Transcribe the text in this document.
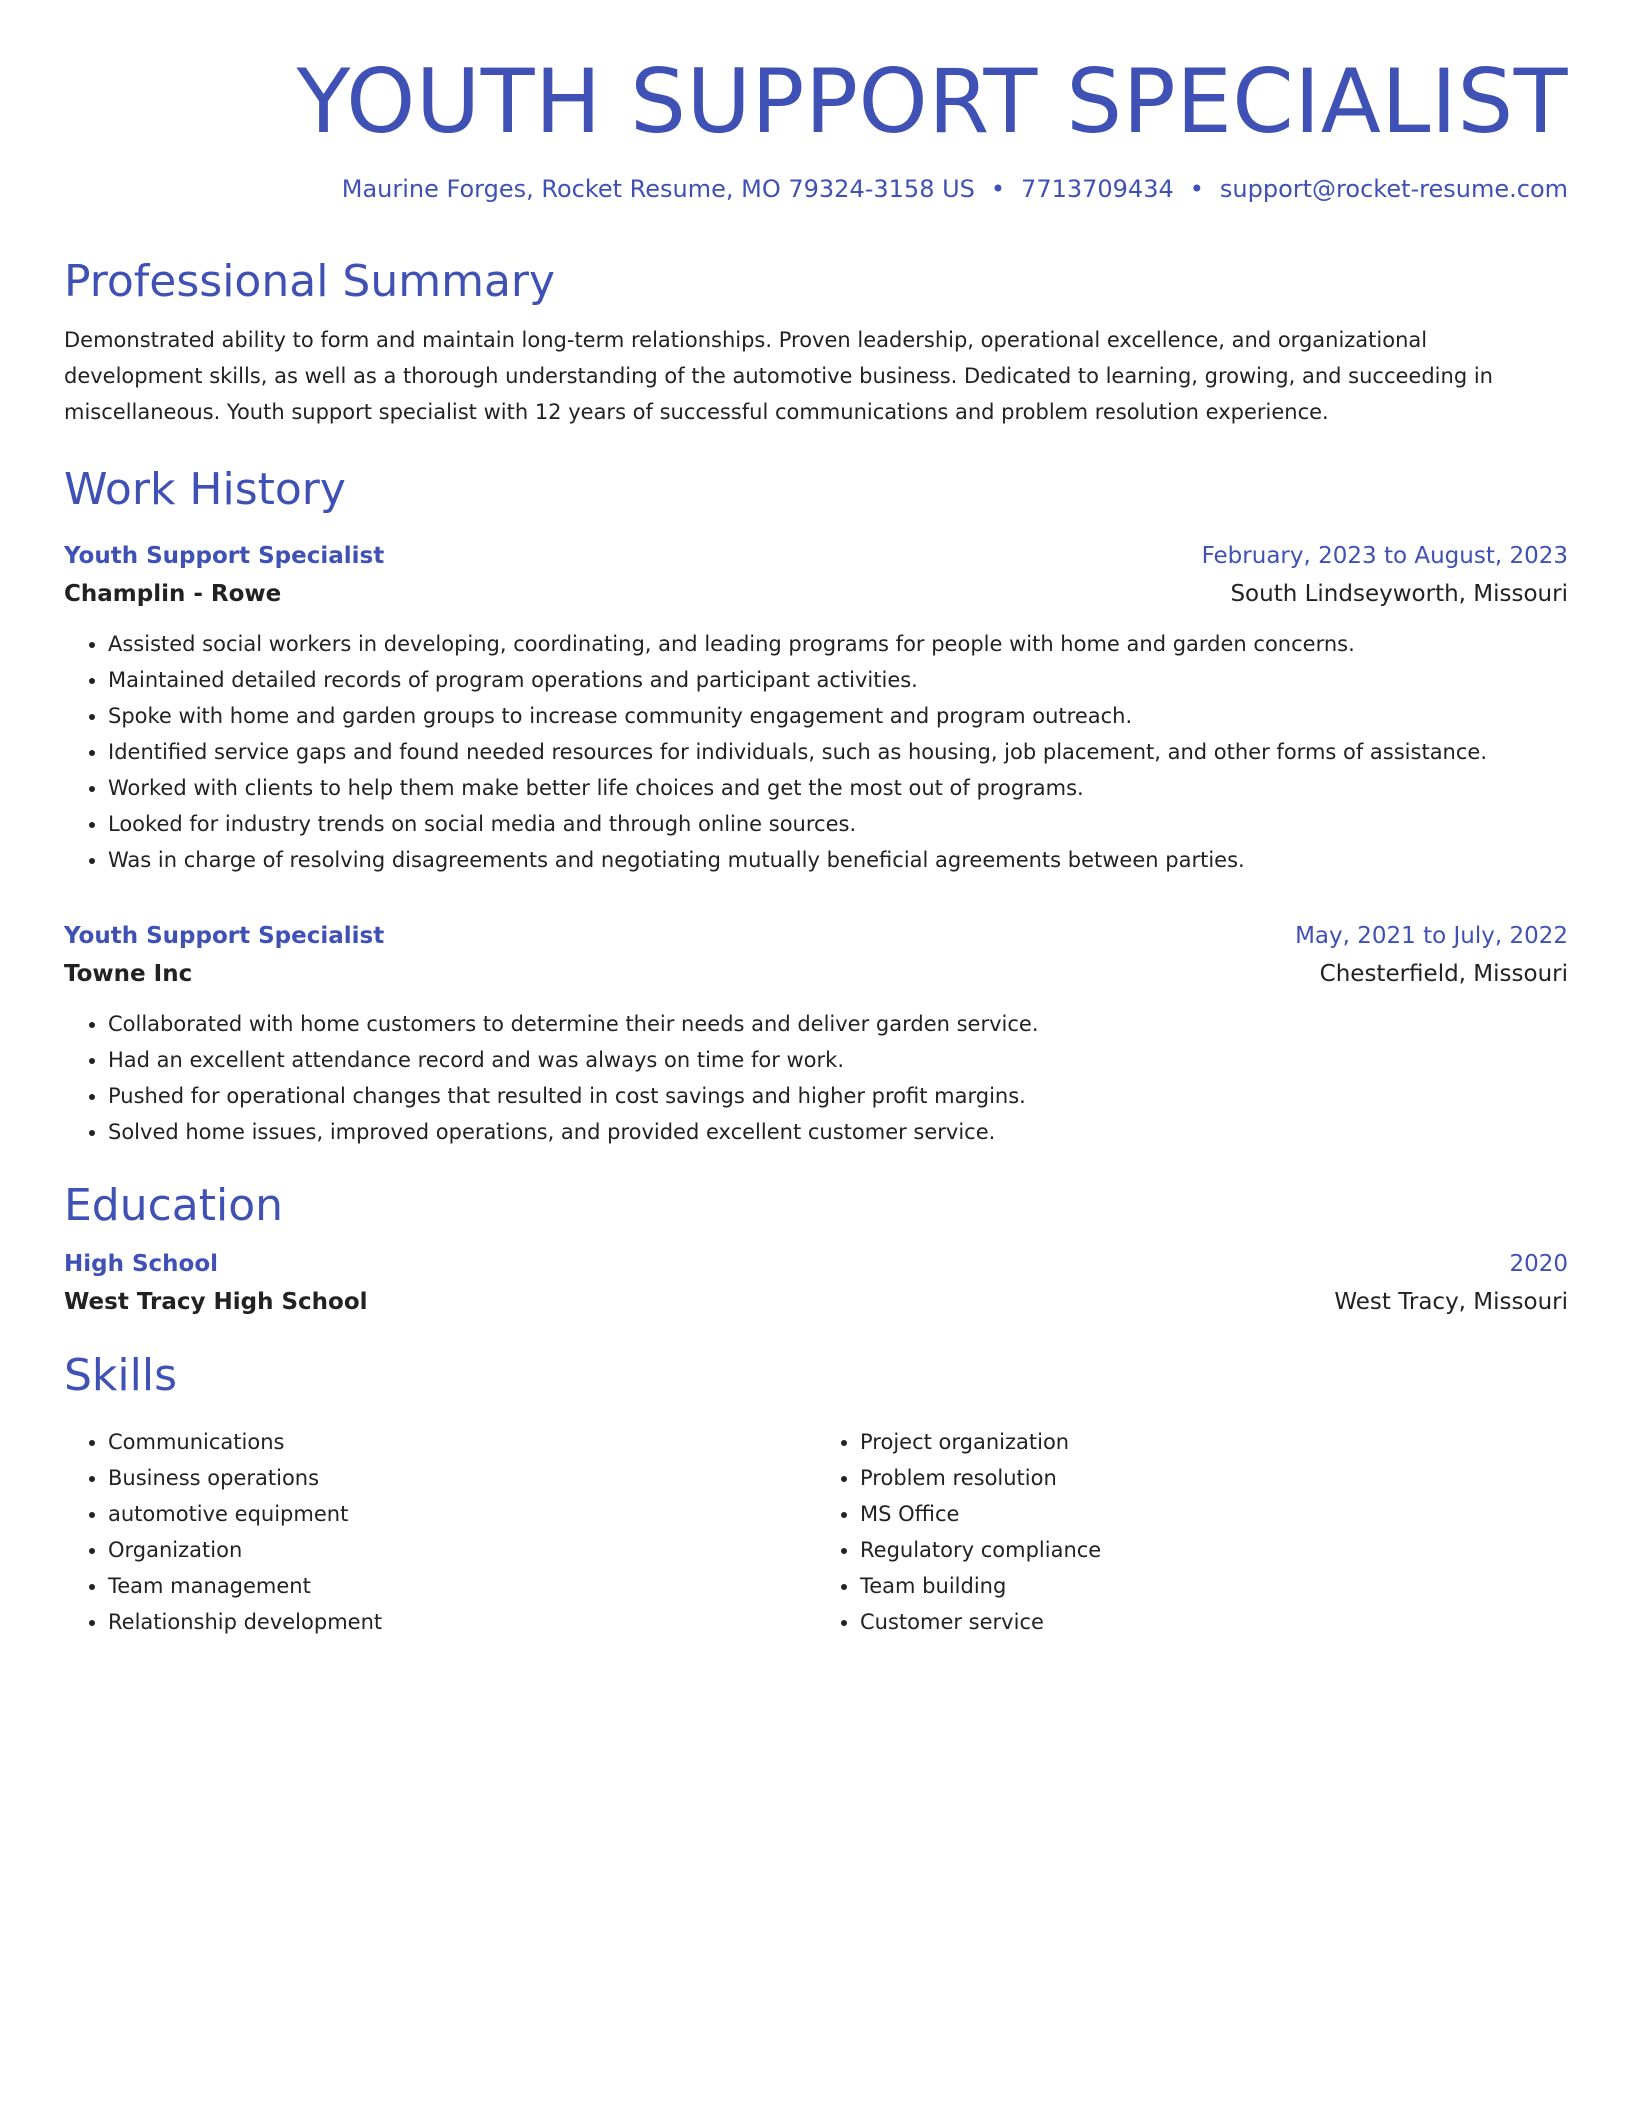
YOUTH SUPPORT SPECIALIST
Maurine Forges, Rocket Resume, MO 79324-3158 US • 7713709434 • support@rocket-resume.com
Professional Summary

Demonstrated ability to form and maintain long-term relationships. Proven leadership, operational excellence, and organizational development skills, as well as a thorough understanding of the automotive business. Dedicated to learning, growing, and succeeding in miscellaneous. Youth support specialist with 12 years of successful communications and problem resolution experience.

Work History
Youth Support Specialist	February, 2023 to August, 2023
Champlin - Rowe	South Lindseyworth, Missouri
• Assisted social workers in developing, coordinating, and leading programs for people with home and garden concerns.
• Maintained detailed records of program operations and participant activities.
• Spoke with home and garden groups to increase community engagement and program outreach.
• Identified service gaps and found needed resources for individuals, such as housing, job placement, and other forms of assistance.
• Worked with clients to help them make better life choices and get the most out of programs.
• Looked for industry trends on social media and through online sources.
• Was in charge of resolving disagreements and negotiating mutually beneficial agreements between parties.
Youth Support Specialist	May, 2021 to July, 2022
Towne Inc	Chesterfield, Missouri
• Collaborated with home customers to determine their needs and deliver garden service.
• Had an excellent attendance record and was always on time for work.
• Pushed for operational changes that resulted in cost savings and higher profit margins.
• Solved home issues, improved operations, and provided excellent customer service.
Education
High School	2020
West Tracy High School	West Tracy, Missouri
Skills
• Communications
• Business operations
• automotive equipment
• Organization
• Team management
• Relationship development
• Project organization
• Problem resolution
• MS Office
• Regulatory compliance
• Team building
• Customer service
